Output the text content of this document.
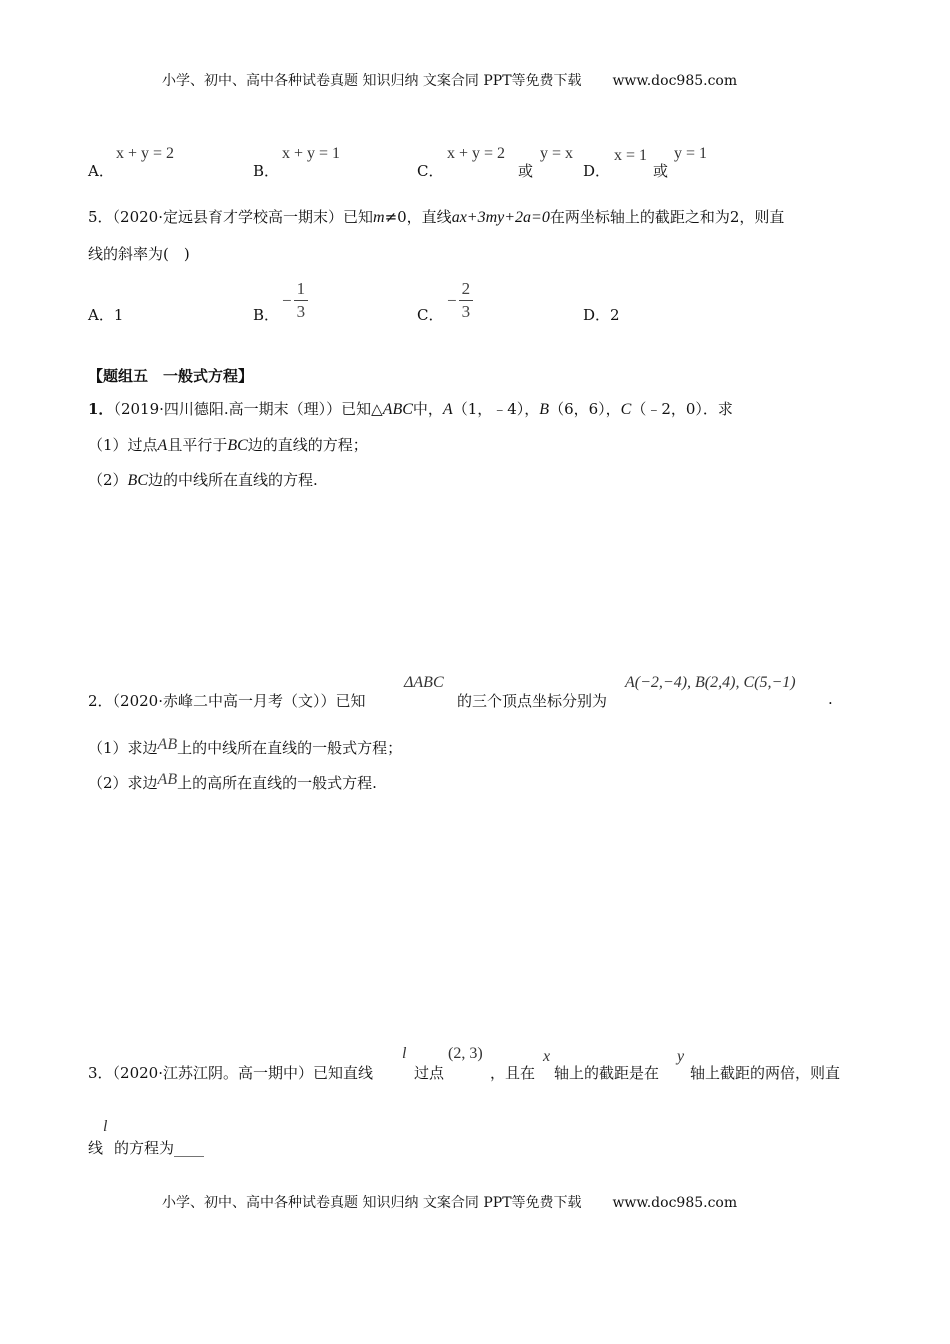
小学、初中、高中各种试卷真题 知识归纳 文案合同 PPT等免费下载 www.doc985.com
A．
x + y = 2
B．
x + y = 1
C．
x + y = 2
或
y = x
D．
x = 1
或
y = 1
5．（2020·定远县育才学校高一期末）已知m≠0，直线ax+3my+2a=0在两坐标轴上的截距之和为2，则直
线的斜率为(　)
A．1	B．
− $\frac{1}{3}$	C．
− $\frac{2}{3}$	D．2
【题组五　一般式方程】
1．（2019·四川德阳.高一期末（理））已知△ABC中，A（1，﹣4），B（6，6），C（﹣2，0）．求
（1）过点A且平行于BC边的直线的方程；
（2）BC边的中线所在直线的方程.
2．（2020·赤峰二中高一月考（文））已知
ΔABC
的三个顶点坐标分别为
A(−2,−4), B(2,4), C(5,−1)
.
（1）求边AB上的中线所在直线的一般式方程；
（2）求边AB上的高所在直线的一般式方程.
3．（2020·江苏江阴。高一期中）已知直线
l
过点
(2, 3)
，且在
x
轴上的截距是在
y
轴上截距的两倍，则直
线
l
的方程为____
小学、初中、高中各种试卷真题 知识归纳 文案合同 PPT等免费下载 www.doc985.com
